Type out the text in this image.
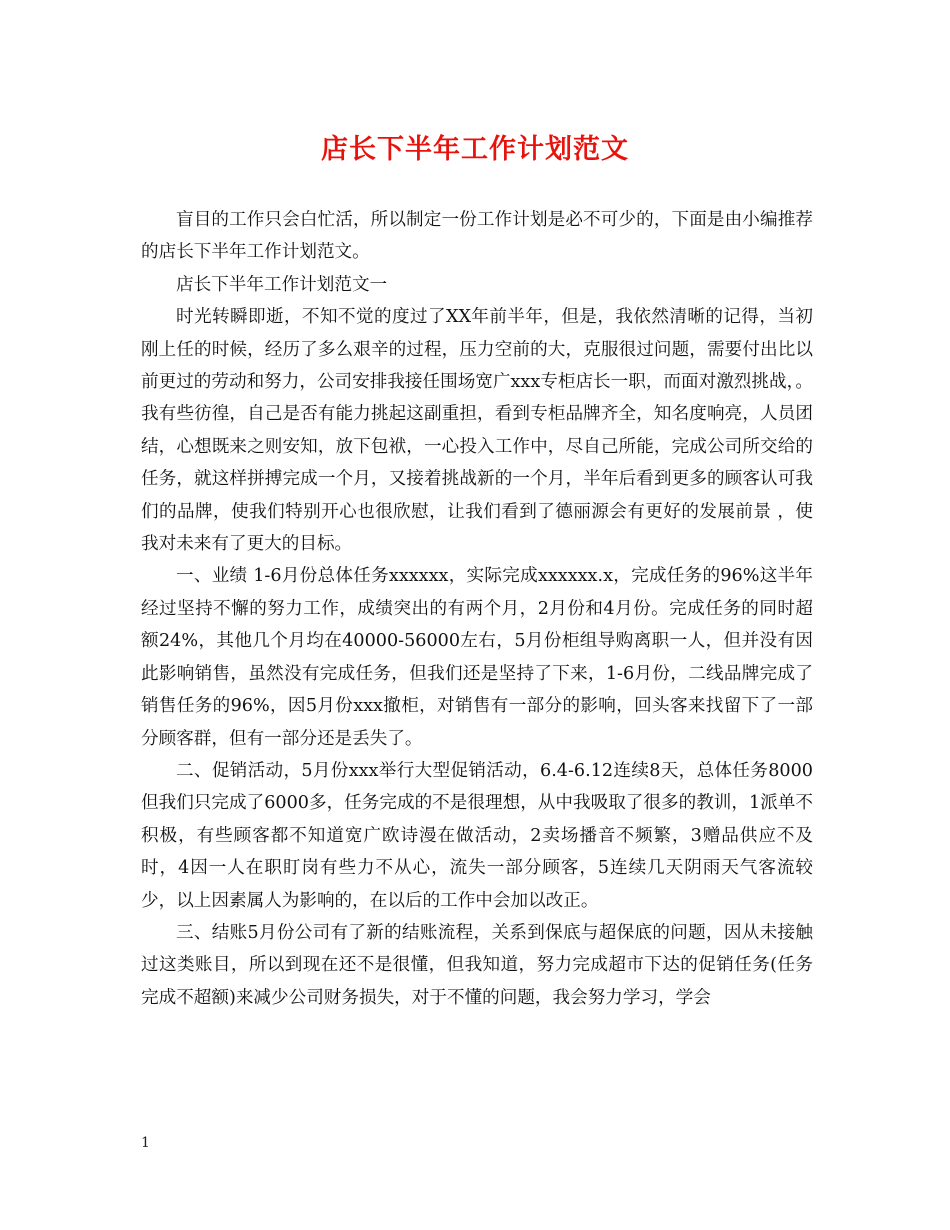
店长下半年工作计划范文

盲目的工作只会白忙活，所以制定一份工作计划是必不可少的，下面是由小编推荐的店长下半年工作计划范文。

店长下半年工作计划范文一

时光转瞬即逝，不知不觉的度过了XX年前半年，但是，我依然清晰的记得，当初刚上任的时候，经历了多么艰辛的过程，压力空前的大，克服很过问题，需要付出比以前更过的劳动和努力，公司安排我接任围场宽广xxx专柜店长一职，而面对激烈挑战，。我有些彷徨，自己是否有能力挑起这副重担，看到专柜品牌齐全，知名度响亮，人员团结，心想既来之则安知，放下包袱，一心投入工作中，尽自己所能，完成公司所交给的任务，就这样拼搏完成一个月，又接着挑战新的一个月，半年后看到更多的顾客认可我们的品牌，使我们特别开心也很欣慰，让我们看到了德丽源会有更好的发展前景 ，使我对未来有了更大的目标。

一、业绩 1-6月份总体任务xxxxxx，实际完成xxxxxx.x，完成任务的96%这半年经过坚持不懈的努力工作，成绩突出的有两个月，2月份和4月份。完成任务的同时超额24%，其他几个月均在40000-56000左右，5月份柜组导购离职一人，但并没有因此影响销售，虽然没有完成任务，但我们还是坚持了下来，1-6月份，二线品牌完成了销售任务的96%，因5月份xxx撤柜，对销售有一部分的影响，回头客来找留下了一部分顾客群，但有一部分还是丢失了。

二、促销活动，5月份xxx举行大型促销活动，6.4-6.12连续8天，总体任务8000但我们只完成了6000多，任务完成的不是很理想，从中我吸取了很多的教训，1派单不积极，有些顾客都不知道宽广欧诗漫在做活动，2卖场播音不频繁，3赠品供应不及时，4因一人在职盯岗有些力不从心，流失一部分顾客，5连续几天阴雨天气客流较少，以上因素属人为影响的，在以后的工作中会加以改正。

三、结账5月份公司有了新的结账流程，关系到保底与超保底的问题，因从未接触过这类账目，所以到现在还不是很懂，但我知道，努力完成超市下达的促销任务(任务完成不超额)来减少公司财务损失，对于不懂的问题，我会努力学习，学会

1
